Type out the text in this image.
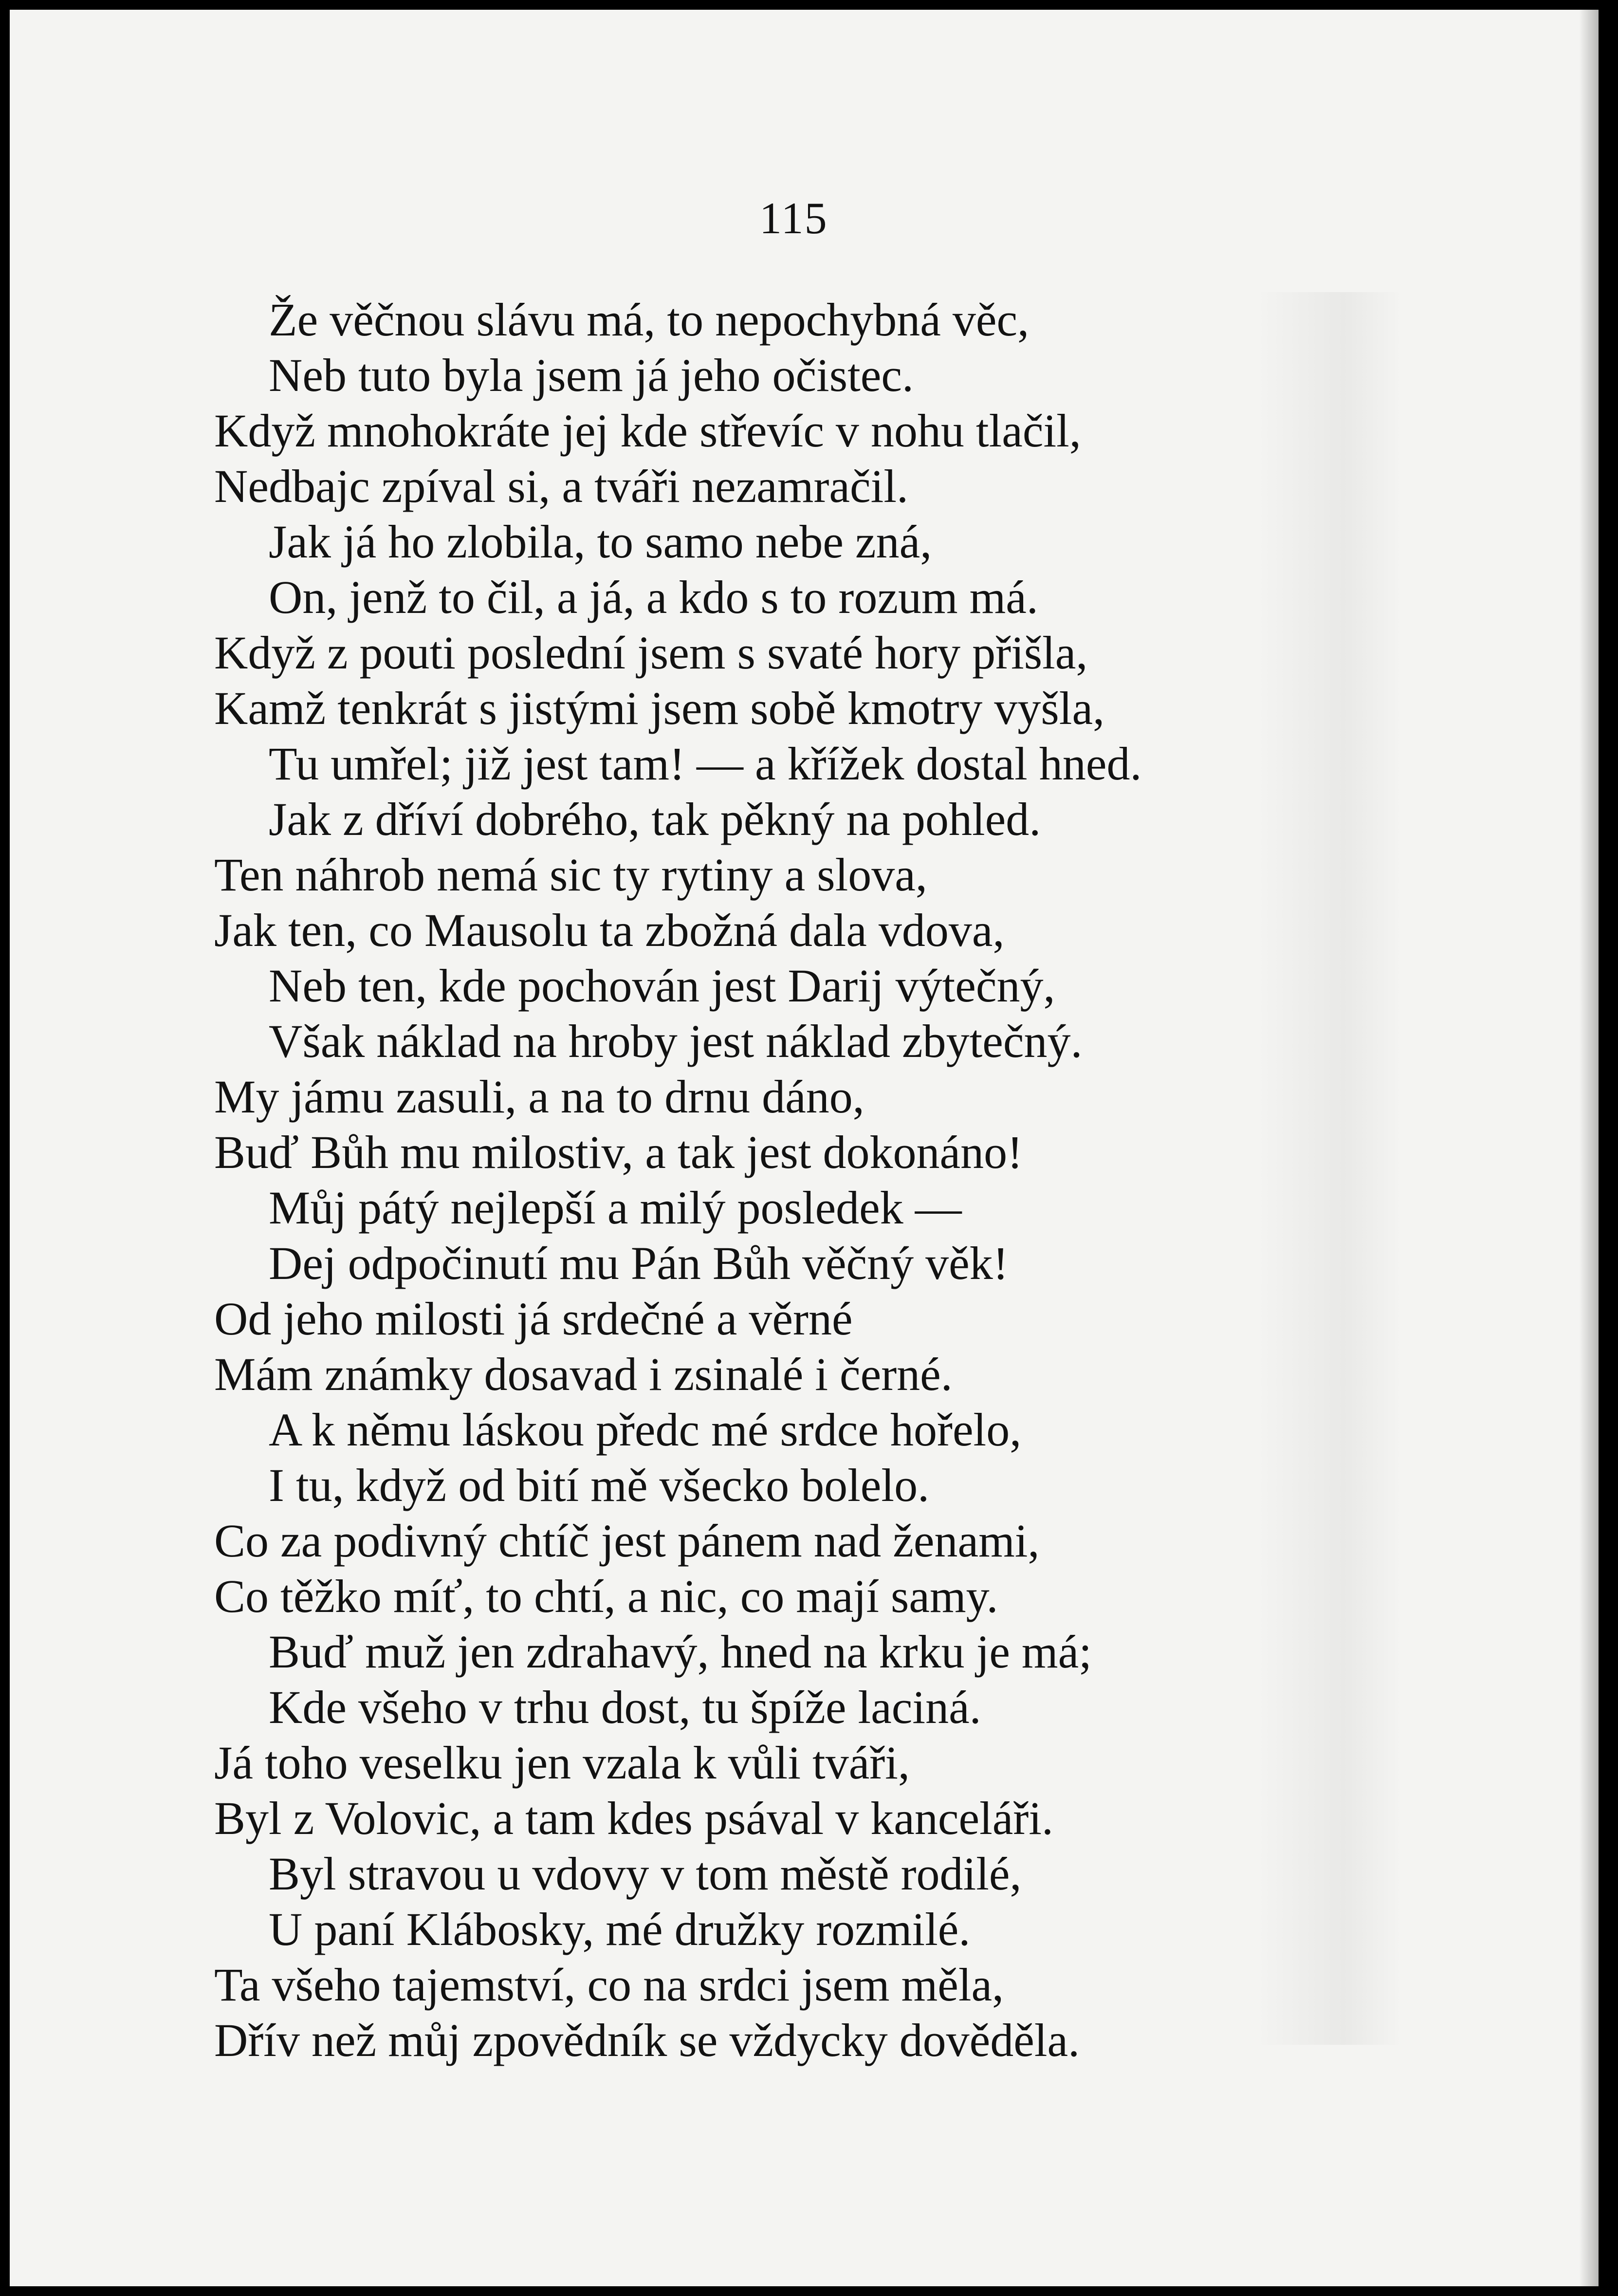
115
Že věčnou slávu má, to nepochybná věc,
Neb tuto byla jsem já jeho očistec.
Když mnohokráte jej kde střevíc v nohu tlačil,
Nedbajc zpíval si, a tváři nezamračil.
Jak já ho zlobila, to samo nebe zná,
On, jenž to čil, a já, a kdo s to rozum má.
Když z pouti poslední jsem s svaté hory přišla,
Kamž tenkrát s jistými jsem sobě kmotry vyšla,
Tu umřel; již jest tam! — a křížek dostal hned.
Jak z dříví dobrého, tak pěkný na pohled.
Ten náhrob nemá sic ty rytiny a slova,
Jak ten, co Mausolu ta zbožná dala vdova,
Neb ten, kde pochován jest Darij výtečný,
Však náklad na hroby jest náklad zbytečný.
My jámu zasuli, a na to drnu dáno,
Buď Bůh mu milostiv, a tak jest dokonáno!
Můj pátý nejlepší a milý posledek —
Dej odpočinutí mu Pán Bůh věčný věk!
Od jeho milosti já srdečné a věrné
Mám známky dosavad i zsinalé i černé.
A k němu láskou předc mé srdce hořelo,
I tu, když od bití mě všecko bolelo.
Co za podivný chtíč jest pánem nad ženami,
Co těžko míť, to chtí, a nic, co mají samy.
Buď muž jen zdrahavý, hned na krku je má;
Kde všeho v trhu dost, tu špíže laciná.
Já toho veselku jen vzala k vůli tváři,
Byl z Volovic, a tam kdes psával v kanceláři.
Byl stravou u vdovy v tom městě rodilé,
U paní Klábosky, mé družky rozmilé.
Ta všeho tajemství, co na srdci jsem měla,
Dřív než můj zpovědník se vždycky dověděla.
